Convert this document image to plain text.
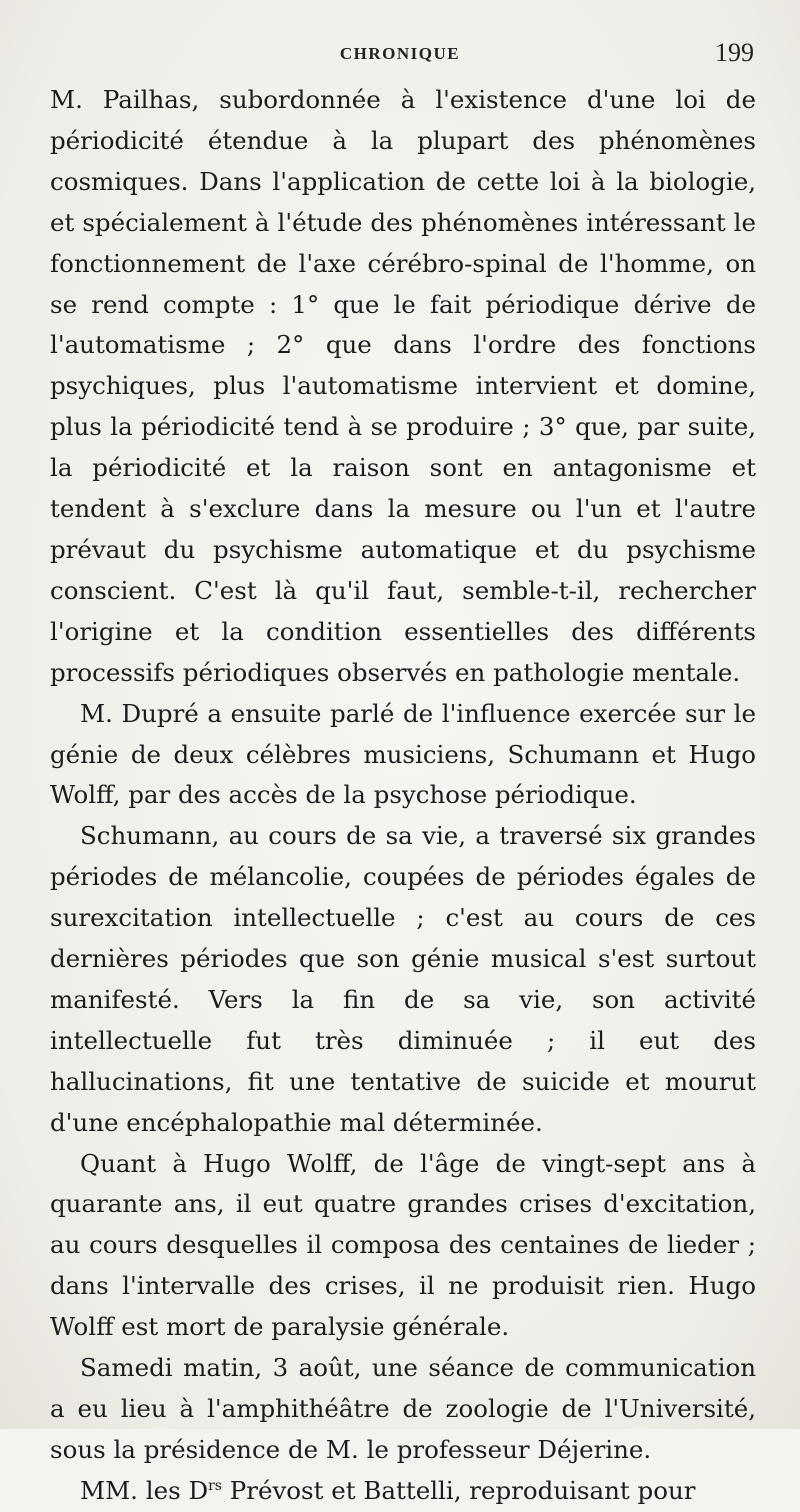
CHRONIQUE	199

M. Pailhas, subordonnée à l'existence d'une loi de périodicité étendue à la plupart des phénomènes cosmiques. Dans l'application de cette loi à la biologie, et spécialement à l'étude des phénomènes intéressant le fonctionnement de l'axe cérébro-spinal de l'homme, on se rend compte : 1° que le fait périodique dérive de l'automatisme ; 2° que dans l'ordre des fonctions psychiques, plus l'automatisme intervient et domine, plus la périodicité tend à se produire ; 3° que, par suite, la périodicité et la raison sont en antagonisme et tendent à s'exclure dans la mesure ou l'un et l'autre prévaut du psychisme automatique et du psychisme conscient. C'est là qu'il faut, semble-t-il, rechercher l'origine et la condition essentielles des différents processifs périodiques observés en pathologie mentale.

M. Dupré a ensuite parlé de l'influence exercée sur le génie de deux célèbres musiciens, Schumann et Hugo Wolff, par des accès de la psychose périodique.

Schumann, au cours de sa vie, a traversé six grandes périodes de mélancolie, coupées de périodes égales de surexcitation intellectuelle ; c'est au cours de ces dernières périodes que son génie musical s'est surtout manifesté. Vers la fin de sa vie, son activité intellectuelle fut très diminuée ; il eut des hallucinations, fit une tentative de suicide et mourut d'une encéphalopathie mal déterminée.

Quant à Hugo Wolff, de l'âge de vingt-sept ans à quarante ans, il eut quatre grandes crises d'excitation, au cours desquelles il composa des centaines de lieder ; dans l'intervalle des crises, il ne produisit rien. Hugo Wolff est mort de paralysie générale.

Samedi matin, 3 août, une séance de communication a eu lieu à l'amphithéâtre de zoologie de l'Université, sous la présidence de M. le professeur Déjerine.

MM. les $D^{rs}$ Prévost et Battelli, reproduisant pour
